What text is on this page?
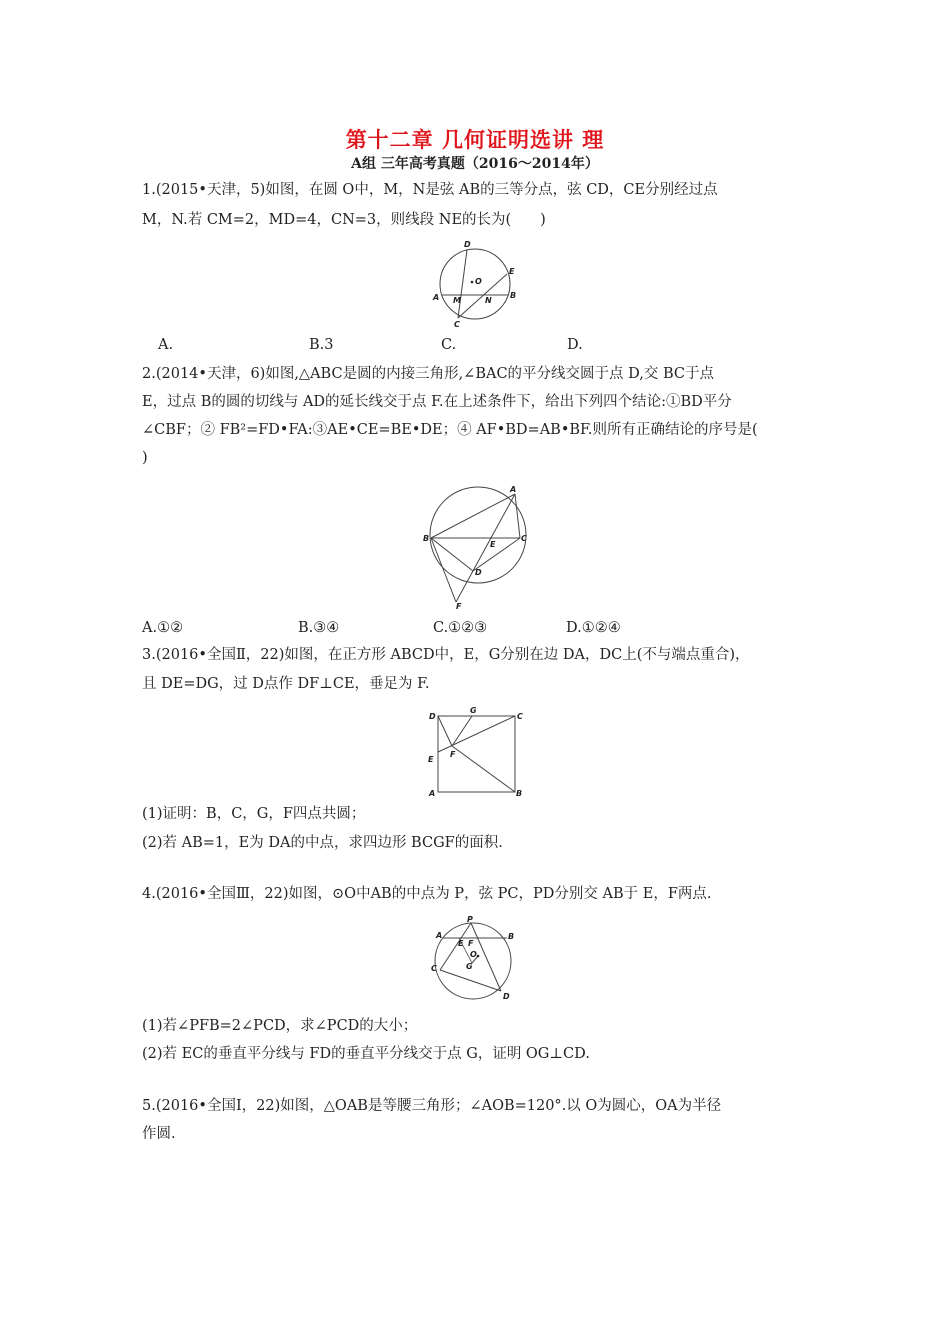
第十二章 几何证明选讲 理
A组 三年高考真题（2016～2014年）
1.(2015•天津，5)如图，在圆 O中，M，N是弦 AB的三等分点，弦 CD，CE分别经过点
M，N.若 CM=2，MD=4，CN=3，则线段 NE的长为(　　)
D
O
E
A M	N
B
C
A.	B.3	C.	D.
2.(2014•天津，6)如图,△ABC是圆的内接三角形,∠BAC的平分线交圆于点 D,交 BC于点
E，过点 B的圆的切线与 AD的延长线交于点 F.在上述条件下，给出下列四个结论:①BD平分
∠CBF；② FB²=FD•FA:③AE•CE=BE•DE；④ AF•BD=AB•BF.则所有正确结论的序号是(
)
A
B	C
E
D
F
A.①②	B.③④	C.①②③	D.①②④
3.(2016•全国Ⅱ，22)如图，在正方形 ABCD中，E，G分别在边 DA，DC上(不与端点重合)，
且 DE=DG，过 D点作 DF⊥CE，垂足为 F.
D
G
C
E
F
A	B
(1)证明：B，C，G，F四点共圆；
(2)若 AB=1，E为 DA的中点，求四边形 BCGF的面积.
4.(2016•全国Ⅲ，22)如图，⊙O中AB的中点为 P，弦 PC，PD分别交 AB于 E，F两点.
P
A	B
E F
C
O
G
D
(1)若∠PFB=2∠PCD，求∠PCD的大小；
(2)若 EC的垂直平分线与 FD的垂直平分线交于点 G，证明 OG⊥CD.
5.(2016•全国Ⅰ，22)如图，△OAB是等腰三角形；∠AOB=120°.以 O为圆心，OA为半径
作圆.
